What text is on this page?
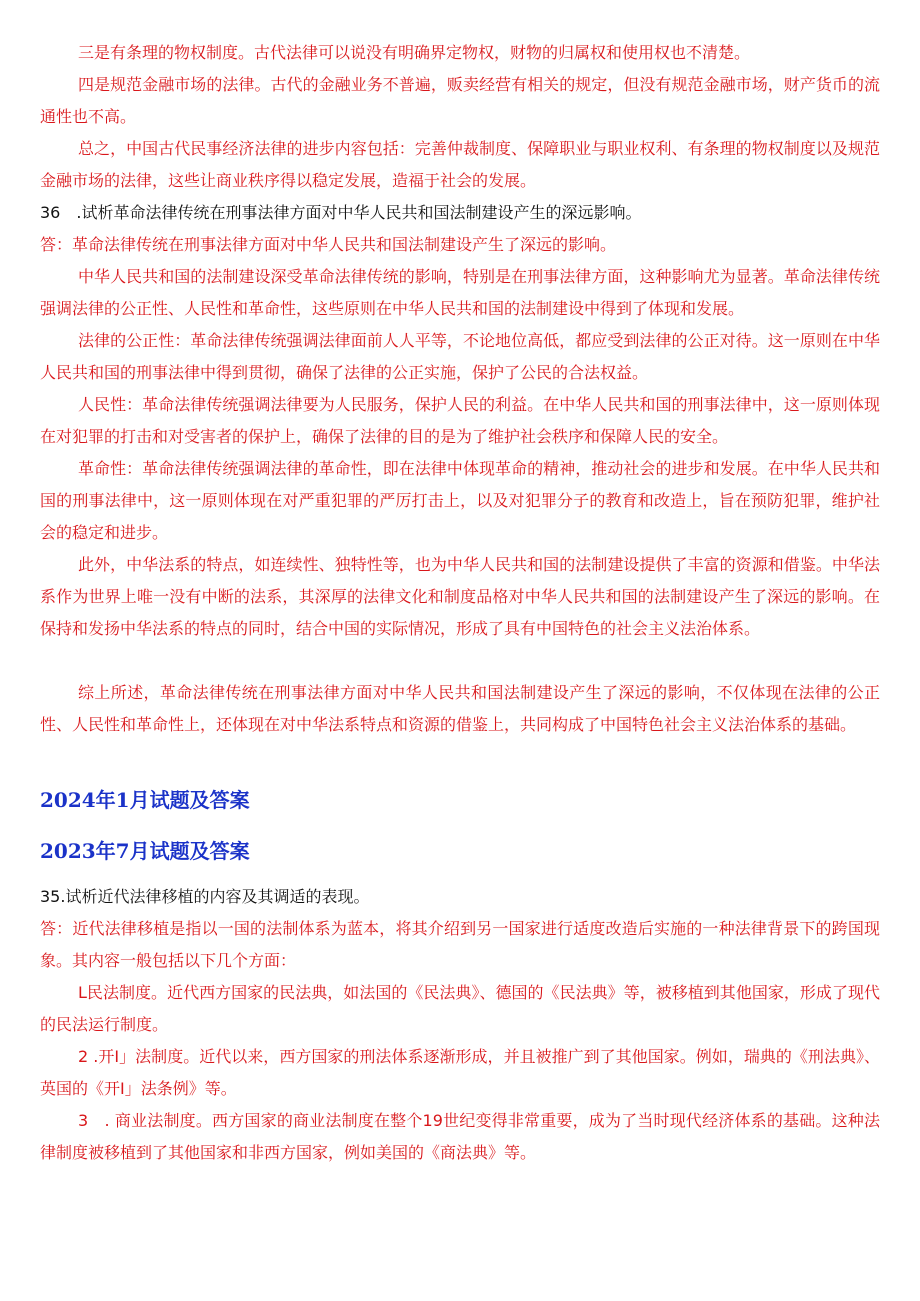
三是有条理的物权制度。古代法律可以说没有明确界定物权，财物的归属权和使用权也不清楚。

四是规范金融市场的法律。古代的金融业务不普遍，贩卖经营有相关的规定，但没有规范金融市场，财产货币的流通性也不高。

总之，中国古代民事经济法律的进步内容包括：完善仲裁制度、保障职业与职业权利、有条理的物权制度以及规范金融市场的法律，这些让商业秩序得以稳定发展，造福于社会的发展。

36　.试析革命法律传统在刑事法律方面对中华人民共和国法制建设产生的深远影响。

答：革命法律传统在刑事法律方面对中华人民共和国法制建设产生了深远的影响。

中华人民共和国的法制建设深受革命法律传统的影响，特别是在刑事法律方面，这种影响尤为显著。革命法律传统强调法律的公正性、人民性和革命性，这些原则在中华人民共和国的法制建设中得到了体现和发展。

法律的公正性：革命法律传统强调法律面前人人平等，不论地位高低，都应受到法律的公正对待。这一原则在中华人民共和国的刑事法律中得到贯彻，确保了法律的公正实施，保护了公民的合法权益。

人民性：革命法律传统强调法律要为人民服务，保护人民的利益。在中华人民共和国的刑事法律中，这一原则体现在对犯罪的打击和对受害者的保护上，确保了法律的目的是为了维护社会秩序和保障人民的安全。

革命性：革命法律传统强调法律的革命性，即在法律中体现革命的精神，推动社会的进步和发展。在中华人民共和国的刑事法律中，这一原则体现在对严重犯罪的严厉打击上，以及对犯罪分子的教育和改造上，旨在预防犯罪，维护社会的稳定和进步。

此外，中华法系的特点，如连续性、独特性等，也为中华人民共和国的法制建设提供了丰富的资源和借鉴。中华法系作为世界上唯一没有中断的法系，其深厚的法律文化和制度品格对中华人民共和国的法制建设产生了深远的影响。在保持和发扬中华法系的特点的同时，结合中国的实际情况，形成了具有中国特色的社会主义法治体系。

综上所述，革命法律传统在刑事法律方面对中华人民共和国法制建设产生了深远的影响，不仅体现在法律的公正性、人民性和革命性上，还体现在对中华法系特点和资源的借鉴上，共同构成了中国特色社会主义法治体系的基础。

2024年1月试题及答案
2023年7月试题及答案

35.试析近代法律移植的内容及其调适的表现。

答：近代法律移植是指以一国的法制体系为蓝本，将其介绍到另一国家进行适度改造后实施的一种法律背景下的跨国现象。其内容一般包括以下几个方面：

L民法制度。近代西方国家的民法典，如法国的《民法典》、德国的《民法典》等，被移植到其他国家，形成了现代的民法运行制度。

2 .开I」法制度。近代以来，西方国家的刑法体系逐渐形成，并且被推广到了其他国家。例如，瑞典的《刑法典》、英国的《开I」法条例》等。

3　. 商业法制度。西方国家的商业法制度在整个19世纪变得非常重要，成为了当时现代经济体系的基础。这种法律制度被移植到了其他国家和非西方国家，例如美国的《商法典》等。
